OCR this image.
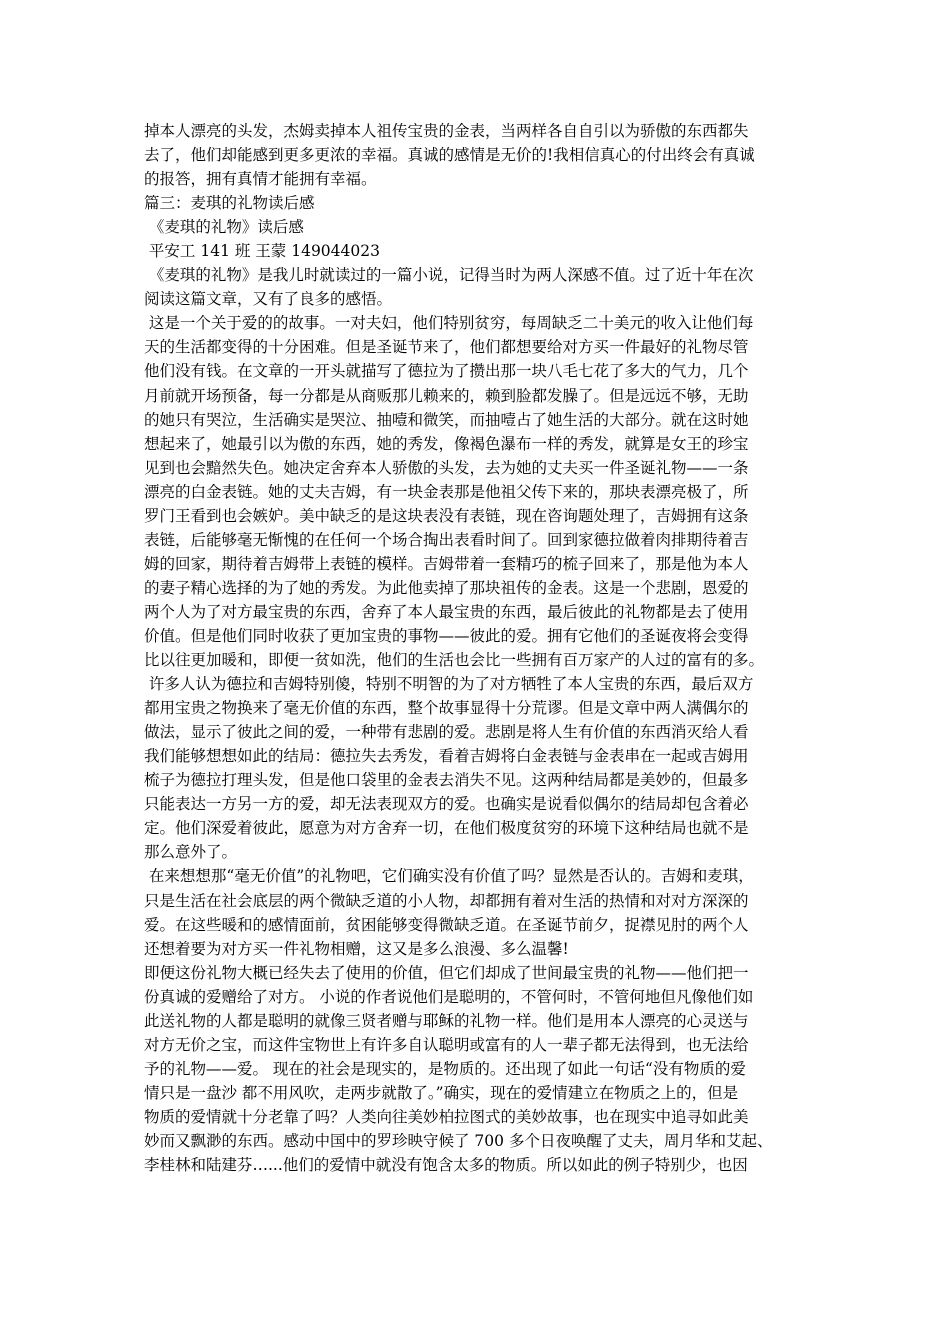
掉本人漂亮的头发，杰姆卖掉本人祖传宝贵的金表，当两样各自自引以为骄傲的东西都失
去了，他们却能感到更多更浓的幸福。真诚的感情是无价的!我相信真心的付出终会有真诚
的报答，拥有真情才能拥有幸福。
篇三：麦琪的礼物读后感
《麦琪的礼物》读后感
平安工 141 班 王蒙 149044023
《麦琪的礼物》是我儿时就读过的一篇小说，记得当时为两人深感不值。过了近十年在次
阅读这篇文章，又有了良多的感悟。
这是一个关于爱的的故事。一对夫妇，他们特别贫穷，每周缺乏二十美元的收入让他们每
天的生活都变得的十分困难。但是圣诞节来了，他们都想要给对方买一件最好的礼物尽管
他们没有钱。在文章的一开头就描写了德拉为了攒出那一块八毛七花了多大的气力，几个
月前就开场预备，每一分都是从商贩那儿赖来的，赖到脸都发臊了。但是远远不够，无助
的她只有哭泣，生活确实是哭泣、抽噎和微笑，而抽噎占了她生活的大部分。就在这时她
想起来了，她最引以为傲的东西，她的秀发，像褐色瀑布一样的秀发，就算是女王的珍宝
见到也会黯然失色。她决定舍弃本人骄傲的头发，去为她的丈夫买一件圣诞礼物——一条
漂亮的白金表链。她的丈夫吉姆，有一块金表那是他祖父传下来的，那块表漂亮极了，所
罗门王看到也会嫉妒。美中缺乏的是这块表没有表链，现在咨询题处理了，吉姆拥有这条
表链，后能够毫无惭愧的在任何一个场合掏出表看时间了。回到家德拉做着肉排期待着吉
姆的回家，期待着吉姆带上表链的模样。吉姆带着一套精巧的梳子回来了，那是他为本人
的妻子精心选择的为了她的秀发。为此他卖掉了那块祖传的金表。这是一个悲剧，恩爱的
两个人为了对方最宝贵的东西，舍弃了本人最宝贵的东西，最后彼此的礼物都是去了使用
价值。但是他们同时收获了更加宝贵的事物——彼此的爱。拥有它他们的圣诞夜将会变得
比以往更加暖和，即便一贫如洗，他们的生活也会比一些拥有百万家产的人过的富有的多。
许多人认为德拉和吉姆特别傻，特别不明智的为了对方牺牲了本人宝贵的东西，最后双方
都用宝贵之物换来了毫无价值的东西，整个故事显得十分荒谬。但是文章中两人满偶尔的
做法，显示了彼此之间的爱，一种带有悲剧的爱。悲剧是将人生有价值的东西消灭给人看
我们能够想想如此的结局：德拉失去秀发，看着吉姆将白金表链与金表串在一起或吉姆用
梳子为德拉打理头发，但是他口袋里的金表去消失不见。这两种结局都是美妙的，但最多
只能表达一方另一方的爱，却无法表现双方的爱。也确实是说看似偶尔的结局却包含着必
定。他们深爱着彼此，愿意为对方舍弃一切，在他们极度贫穷的环境下这种结局也就不是
那么意外了。
在来想想那“毫无价值”的礼物吧，它们确实没有价值了吗？显然是否认的。吉姆和麦琪，
只是生活在社会底层的两个微缺乏道的小人物，却都拥有着对生活的热情和对对方深深的
爱。在这些暖和的感情面前，贫困能够变得微缺乏道。在圣诞节前夕，捉襟见肘的两个人
还想着要为对方买一件礼物相赠，这又是多么浪漫、多么温馨!
即便这份礼物大概已经失去了使用的价值，但它们却成了世间最宝贵的礼物——他们把一
份真诚的爱赠给了对方。 小说的作者说他们是聪明的，不管何时，不管何地但凡像他们如
此送礼物的人都是聪明的就像三贤者赠与耶稣的礼物一样。他们是用本人漂亮的心灵送与
对方无价之宝，而这件宝物世上有许多自认聪明或富有的人一辈子都无法得到，也无法给
予的礼物——爱。 现在的社会是现实的，是物质的。还出现了如此一句话“没有物质的爱
情只是一盘沙 都不用风吹，走两步就散了。”确实，现在的爱情建立在物质之上的，但是
物质的爱情就十分老靠了吗？人类向往美妙柏拉图式的美妙故事，也在现实中追寻如此美
妙而又飘渺的东西。感动中国中的罗珍映守候了 700 多个日夜唤醒了丈夫，周月华和艾起、
李桂林和陆建芬…...他们的爱情中就没有饱含太多的物质。所以如此的例子特别少，也因
